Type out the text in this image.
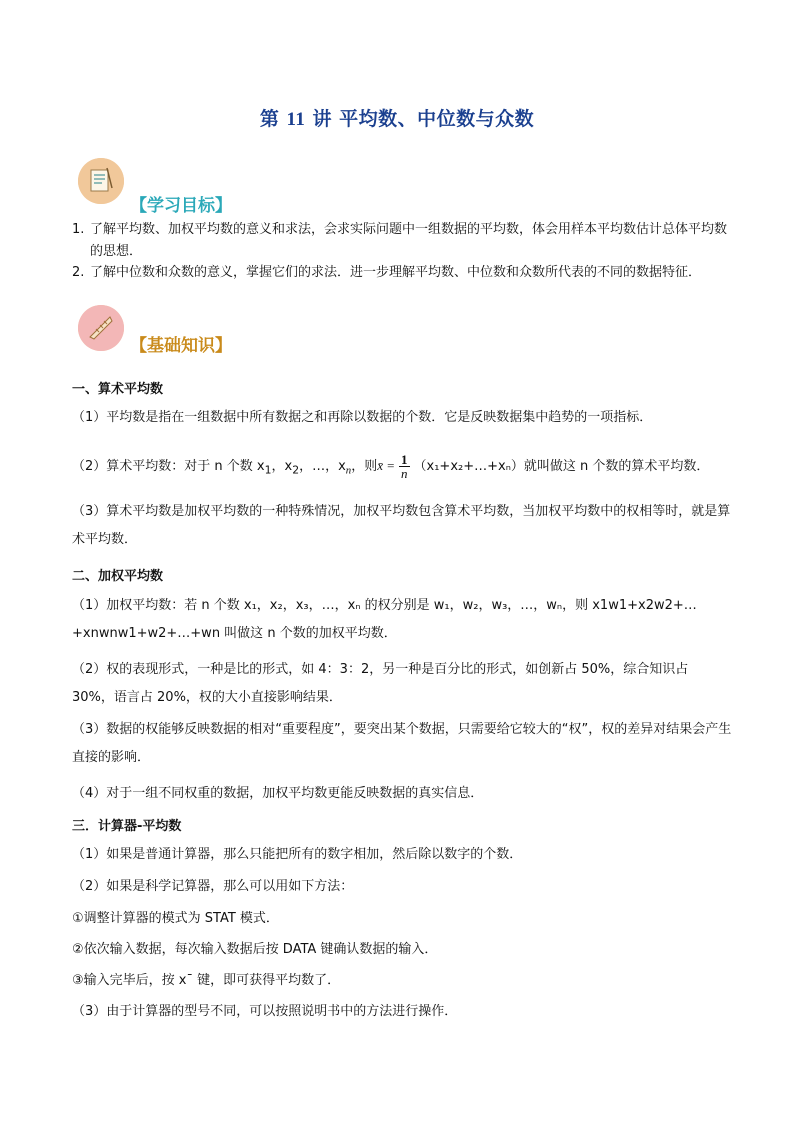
第 11 讲 平均数、中位数与众数
【学习目标】
1. 了解平均数、加权平均数的意义和求法，会求实际问题中一组数据的平均数，体会用样本平均数估计总体平均数的思想．
2. 了解中位数和众数的意义，掌握它们的求法．进一步理解平均数、中位数和众数所代表的不同的数据特征．
【基础知识】
一、算术平均数
（1）平均数是指在一组数据中所有数据之和再除以数据的个数．它是反映数据集中趋势的一项指标．
（2）算术平均数：对于 n 个数 $x_1$，$x_2$，…，$x_n$，则x̄ = $\frac{1}{n}$ （x₁+x₂+…+xₙ）就叫做这 n 个数的算术平均数．
（3）算术平均数是加权平均数的一种特殊情况，加权平均数包含算术平均数，当加权平均数中的权相等时，就是算术平均数．
二、加权平均数
（1）加权平均数：若 n 个数 x₁，x₂，x₃，…，xₙ 的权分别是 w₁，w₂，w₃，…，wₙ，则 x1w1+x2w2+…+xnwnw1+w2+…+wn 叫做这 n 个数的加权平均数．
（2）权的表现形式，一种是比的形式，如 4：3：2，另一种是百分比的形式，如创新占 50%，综合知识占 30%，语言占 20%，权的大小直接影响结果．
（3）数据的权能够反映数据的相对“重要程度”，要突出某个数据，只需要给它较大的“权”，权的差异对结果会产生直接的影响．
（4）对于一组不同权重的数据，加权平均数更能反映数据的真实信息．
三．计算器-平均数
（1）如果是普通计算器，那么只能把所有的数字相加，然后除以数字的个数．
（2）如果是科学记算器，那么可以用如下方法：
①调整计算器的模式为 STAT 模式．
②依次输入数据，每次输入数据后按 DATA 键确认数据的输入．
③输入完毕后，按 x¯ 键，即可获得平均数了．
（3）由于计算器的型号不同，可以按照说明书中的方法进行操作．
